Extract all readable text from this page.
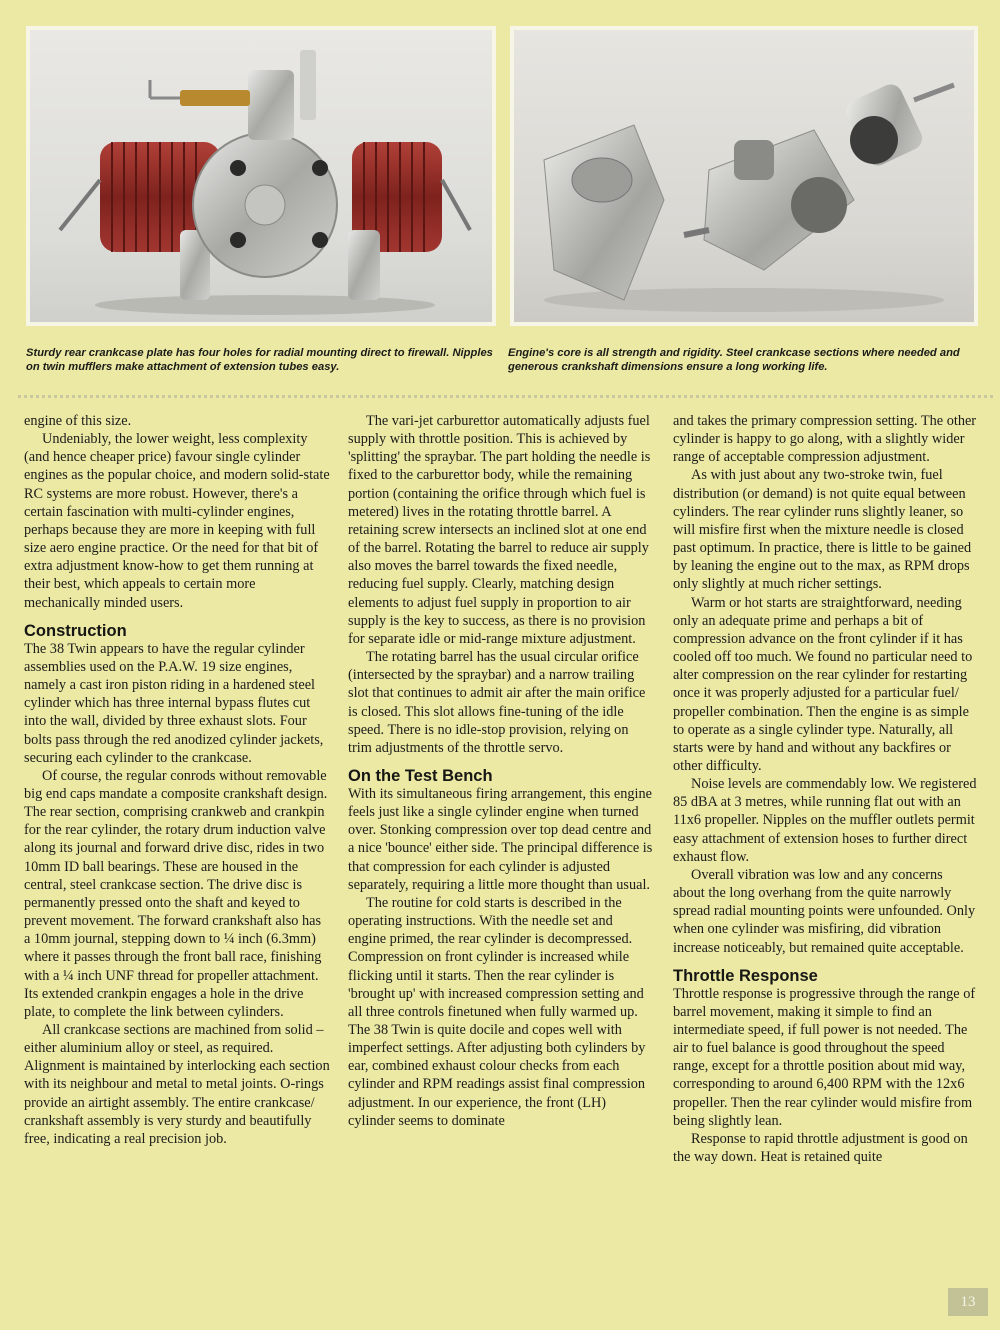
Sturdy rear crankcase plate has four holes for radial mounting direct to firewall. Nipples on twin mufflers make attachment of extension tubes easy.
Engine's core is all strength and rigidity. Steel crankcase sections where needed and generous crankshaft dimensions ensure a long working life.

engine of this size.

Undeniably, the lower weight, less complexity (and hence cheaper price) favour single cylinder engines as the popular choice, and modern solid-state RC systems are more robust. However, there's a certain fascination with multi-cylinder engines, perhaps because they are more in keeping with full size aero engine practice. Or the need for that bit of extra adjustment know-how to get them running at their best, which appeals to certain more mechanically minded users.

Construction

The 38 Twin appears to have the regular cylinder assemblies used on the P.A.W. 19 size engines, namely a cast iron piston riding in a hardened steel cylinder which has three internal bypass flutes cut into the wall, divided by three exhaust slots. Four bolts pass through the red anodized cylinder jackets, securing each cylinder to the crankcase.

Of course, the regular conrods without removable big end caps mandate a composite crankshaft design. The rear section, comprising crankweb and crankpin for the rear cylinder, the rotary drum induction valve along its journal and forward drive disc, rides in two 10mm ID ball bearings. These are housed in the central, steel crankcase section. The drive disc is permanently pressed onto the shaft and keyed to prevent movement. The forward crankshaft also has a 10mm journal, stepping down to ¼ inch (6.3mm) where it passes through the front ball race, finishing with a ¼ inch UNF thread for propeller attachment. Its extended crankpin engages a hole in the drive plate, to complete the link between cylinders.

All crankcase sections are machined from solid – either aluminium alloy or steel, as required. Alignment is maintained by interlocking each section with its neighbour and metal to metal joints. O-rings provide an airtight assembly. The entire crankcase/ crankshaft assembly is very sturdy and beautifully free, indicating a real precision job.

The vari-jet carburettor automatically adjusts fuel supply with throttle position. This is achieved by 'splitting' the spraybar. The part holding the needle is fixed to the carburettor body, while the remaining portion (containing the orifice through which fuel is metered) lives in the rotating throttle barrel. A retaining screw intersects an inclined slot at one end of the barrel. Rotating the barrel to reduce air supply also moves the barrel towards the fixed needle, reducing fuel supply. Clearly, matching design elements to adjust fuel supply in proportion to air supply is the key to success, as there is no provision for separate idle or mid-range mixture adjustment.

The rotating barrel has the usual circular orifice (intersected by the spraybar) and a narrow trailing slot that continues to admit air after the main orifice is closed. This slot allows fine-tuning of the idle speed. There is no idle-stop provision, relying on trim adjustments of the throttle servo.

On the Test Bench

With its simultaneous firing arrangement, this engine feels just like a single cylinder engine when turned over. Stonking compression over top dead centre and a nice 'bounce' either side. The principal difference is that compression for each cylinder is adjusted separately, requiring a little more thought than usual.

The routine for cold starts is described in the operating instructions. With the needle set and engine primed, the rear cylinder is decompressed. Compression on front cylinder is increased while flicking until it starts. Then the rear cylinder is 'brought up' with increased compression setting and all three controls finetuned when fully warmed up. The 38 Twin is quite docile and copes well with imperfect settings. After adjusting both cylinders by ear, combined exhaust colour checks from each cylinder and RPM readings assist final compression adjustment. In our experience, the front (LH) cylinder seems to dominate

and takes the primary compression setting. The other cylinder is happy to go along, with a slightly wider range of acceptable compression adjustment.

As with just about any two-stroke twin, fuel distribution (or demand) is not quite equal between cylinders. The rear cylinder runs slightly leaner, so will misfire first when the mixture needle is closed past optimum. In practice, there is little to be gained by leaning the engine out to the max, as RPM drops only slightly at much richer settings.

Warm or hot starts are straightforward, needing only an adequate prime and perhaps a bit of compression advance on the front cylinder if it has cooled off too much. We found no particular need to alter compression on the rear cylinder for restarting once it was properly adjusted for a particular fuel/ propeller combination. Then the engine is as simple to operate as a single cylinder type. Naturally, all starts were by hand and without any backfires or other difficulty.

Noise levels are commendably low. We registered 85 dBA at 3 metres, while running flat out with an 11x6 propeller. Nipples on the muffler outlets permit easy attachment of extension hoses to further direct exhaust flow.

Overall vibration was low and any concerns about the long overhang from the quite narrowly spread radial mounting points were unfounded. Only when one cylinder was misfiring, did vibration increase noticeably, but remained quite acceptable.

Throttle Response

Throttle response is progressive through the range of barrel movement, making it simple to find an intermediate speed, if full power is not needed. The air to fuel balance is good throughout the speed range, except for a throttle position about mid way, corresponding to around 6,400 RPM with the 12x6 propeller. Then the rear cylinder would misfire from being slightly lean.

Response to rapid throttle adjustment is good on the way down. Heat is retained quite

13
